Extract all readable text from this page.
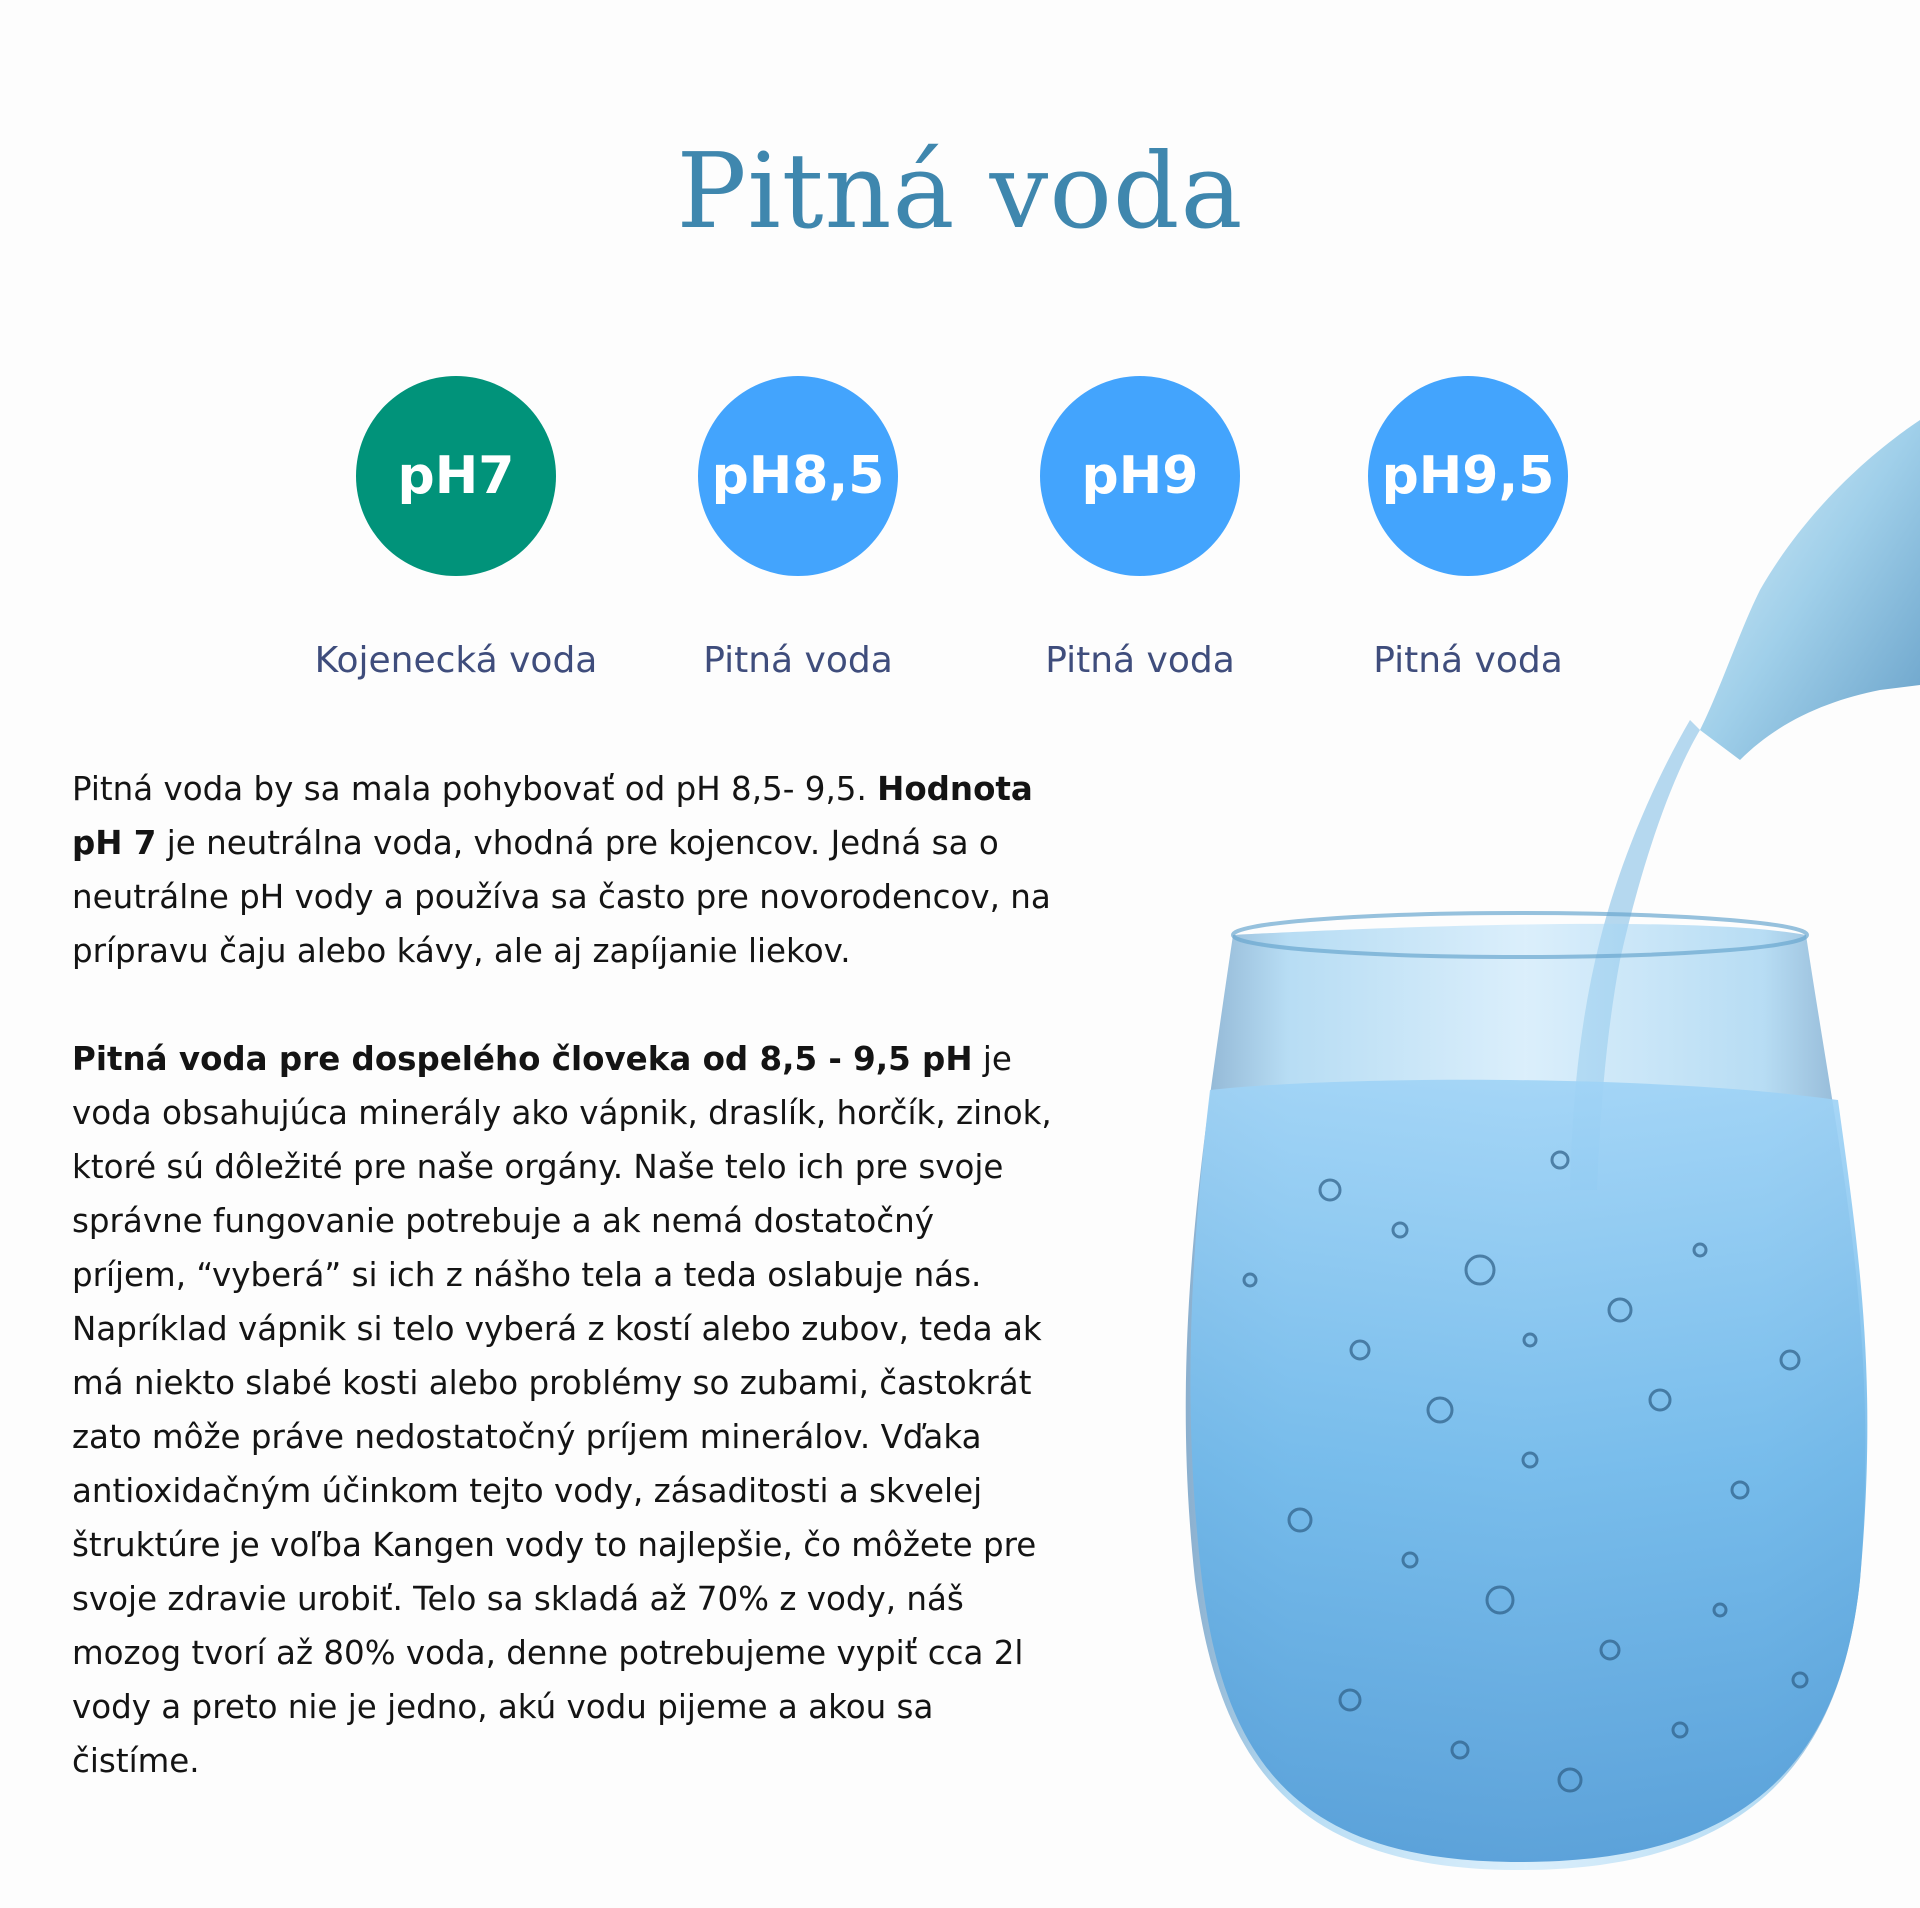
Pitná voda
pH7	pH8,5	pH9	pH9,5
Kojenecká voda	Pitná voda	Pitná voda	Pitná voda

Pitná voda by sa mala pohybovať od pH 8,5- 9,5. Hodnota pH 7 je neutrálna voda, vhodná pre kojencov. Jedná sa o neutrálne pH vody a používa sa často pre novorodencov, na prípravu čaju alebo kávy, ale aj zapíjanie liekov.

Pitná voda pre dospelého človeka od 8,5 - 9,5 pH je voda obsahujúca minerály ako vápnik, draslík, horčík, zinok, ktoré sú dôležité pre naše orgány. Naše telo ich pre svoje správne fungovanie potrebuje a ak nemá dostatočný príjem, “vyberá” si ich z nášho tela a teda oslabuje nás. Napríklad vápnik si telo vyberá z kostí alebo zubov, teda ak má niekto slabé kosti alebo problémy so zubami, častokrát zato môže práve nedostatočný príjem minerálov. Vďaka antioxidačným účinkom tejto vody, zásaditosti a skvelej štruktúre je voľba Kangen vody to najlepšie, čo môžete pre svoje zdravie urobiť. Telo sa skladá až 70% z vody, náš mozog tvorí až 80% voda, denne potrebujeme vypiť cca 2l vody a preto nie je jedno, akú vodu pijeme a akou sa čistíme.
